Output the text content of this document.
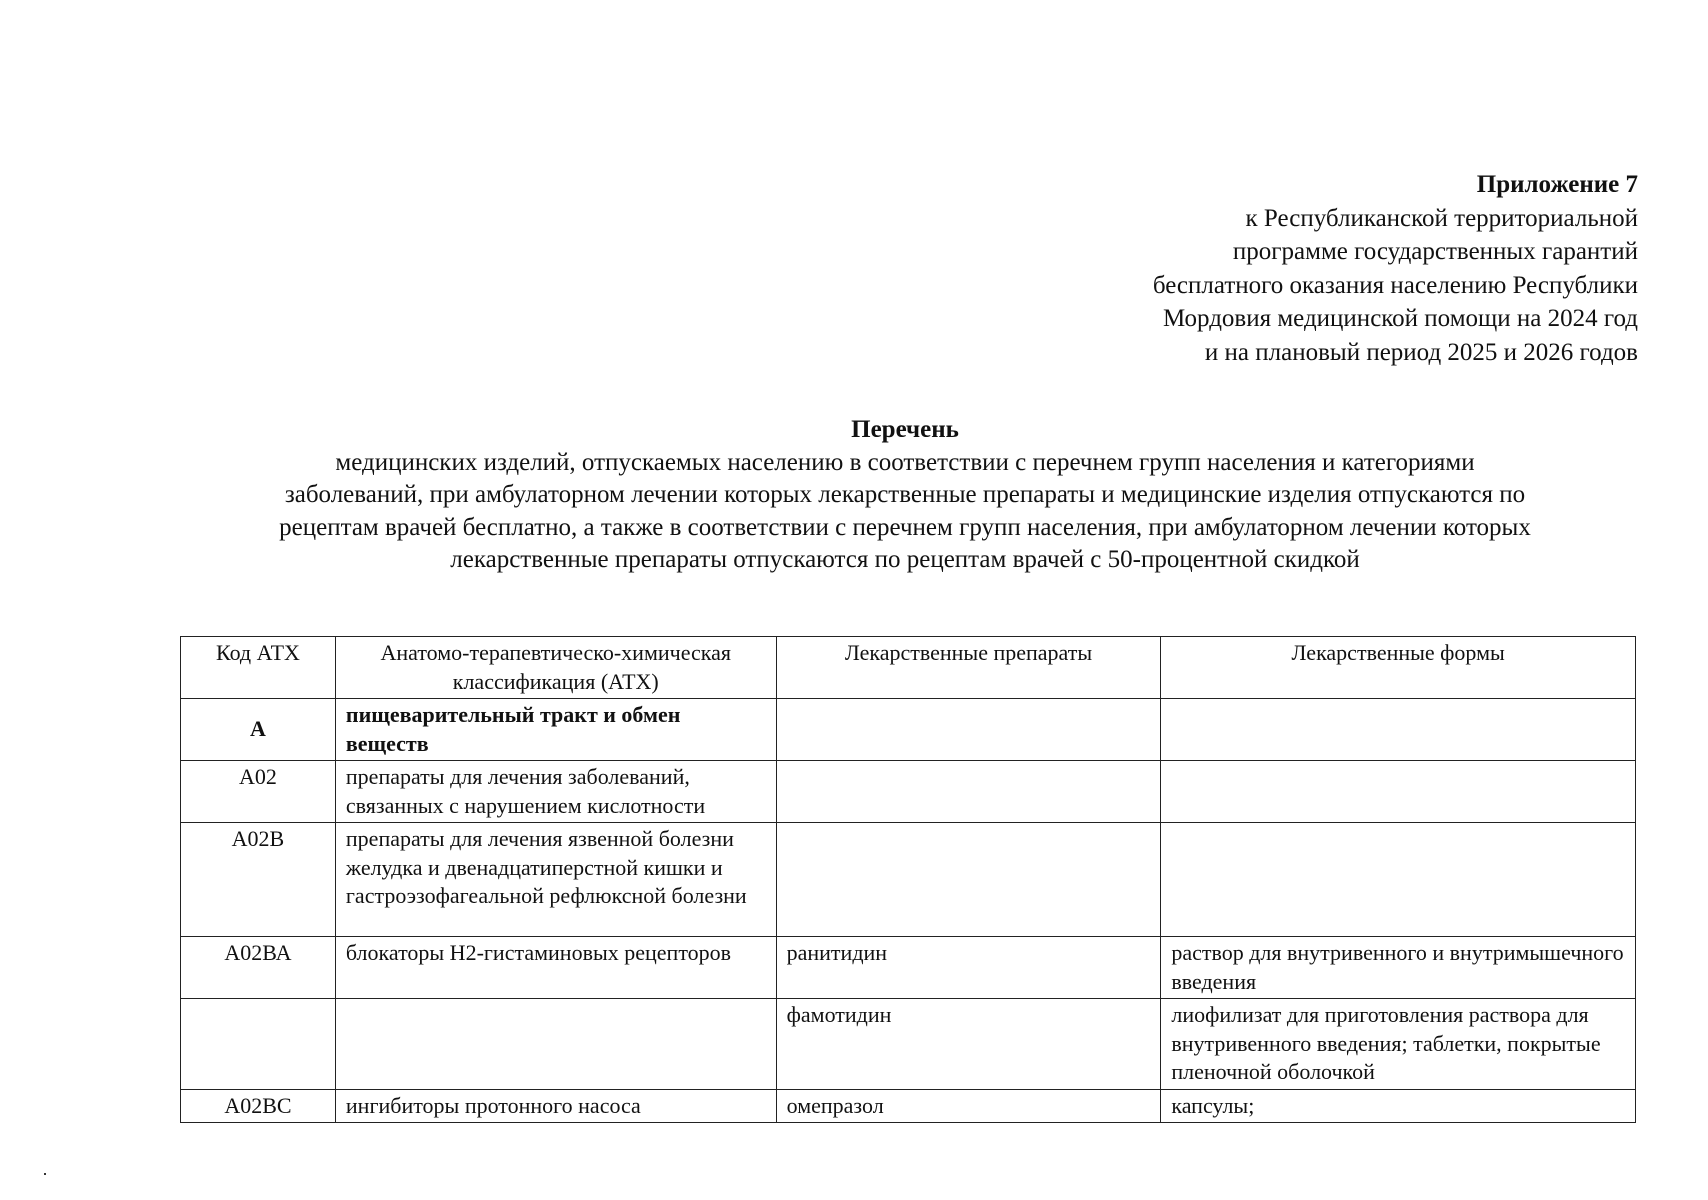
Приложение 7
к Республиканской территориальной
программе государственных гарантий
бесплатного оказания населению Республики
Мордовия медицинской помощи на 2024 год
и на плановый период 2025 и 2026 годов
Перечень
медицинских изделий, отпускаемых населению в соответствии с перечнем групп населения и категориями
заболеваний, при амбулаторном лечении которых лекарственные препараты и медицинские изделия отпускаются по
рецептам врачей бесплатно, а также в соответствии с перечнем групп населения, при амбулаторном лечении которых
лекарственные препараты отпускаются по рецептам врачей с 50-процентной скидкой
Код АТХ	Анатомо-терапевтическо-химическая классификация (АТХ)	Лекарственные препараты	Лекарственные формы
А	пищеварительный тракт и обмен веществ		
А02	препараты для лечения заболеваний, связанных с нарушением кислотности		
А02В	препараты для лечения язвенной болезни желудка и двенадцатиперстной кишки и гастроэзофагеальной рефлюксной болезни		
А02ВА	блокаторы Н2-гистаминовых рецепторов	ранитидин	раствор для внутривенного и внутримышечного введения
		фамотидин	лиофилизат для приготовления раствора для внутривенного введения; таблетки, покрытые пленочной оболочкой
А02ВС	ингибиторы протонного насоса	омепразол	капсулы;
